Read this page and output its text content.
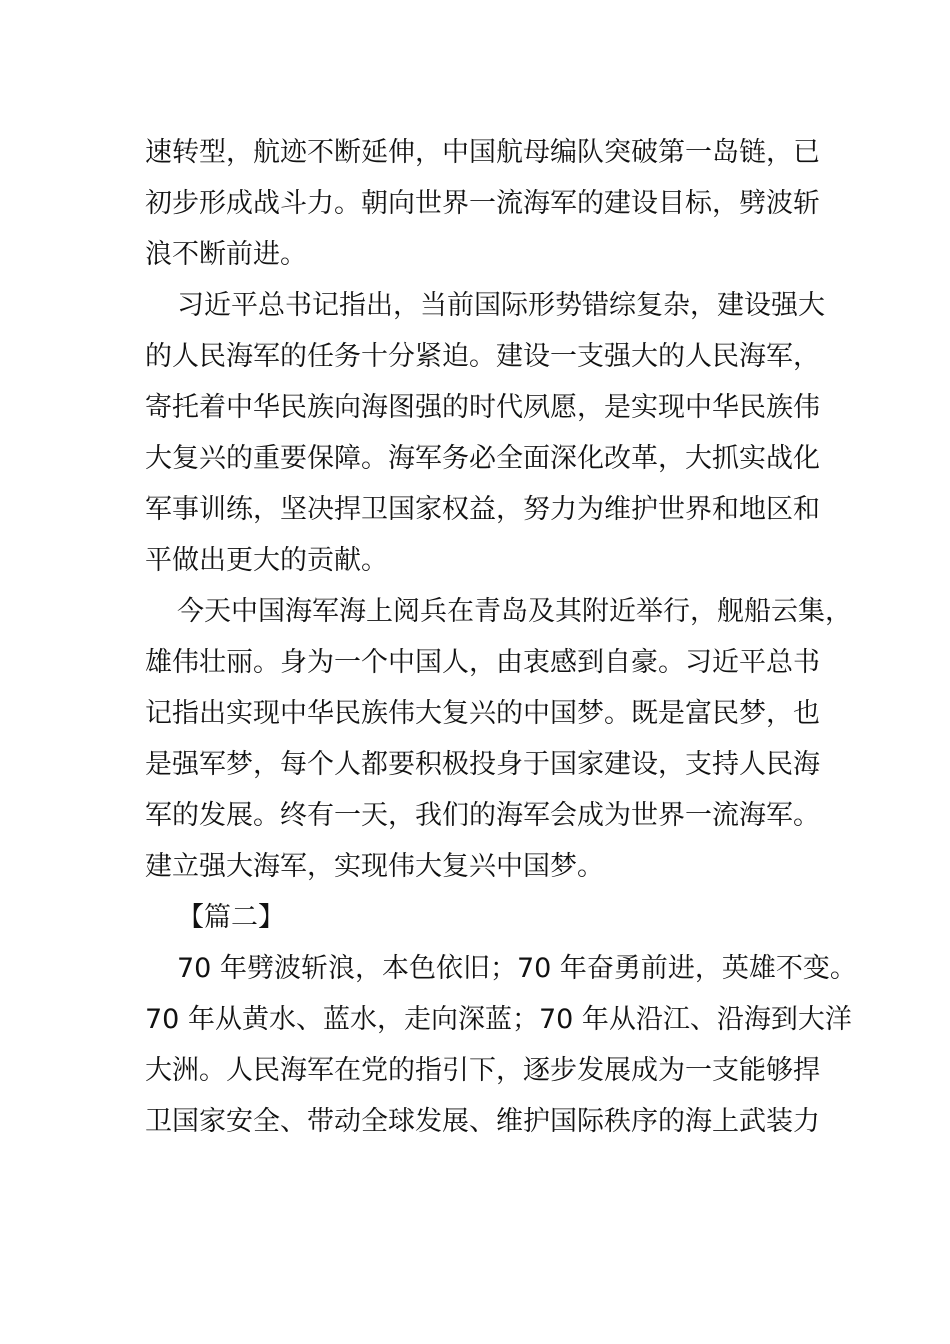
速转型，航迹不断延伸，中国航母编队突破第一岛链，已
初步形成战斗力。朝向世界一流海军的建设目标，劈波斩
浪不断前进。
习近平总书记指出，当前国际形势错综复杂，建设强大
的人民海军的任务十分紧迫。建设一支强大的人民海军，
寄托着中华民族向海图强的时代夙愿，是实现中华民族伟
大复兴的重要保障。海军务必全面深化改革，大抓实战化
军事训练，坚决捍卫国家权益，努力为维护世界和地区和
平做出更大的贡献。
今天中国海军海上阅兵在青岛及其附近举行，舰船云集，
雄伟壮丽。身为一个中国人，由衷感到自豪。习近平总书
记指出实现中华民族伟大复兴的中国梦。既是富民梦，也
是强军梦，每个人都要积极投身于国家建设，支持人民海
军的发展。终有一天，我们的海军会成为世界一流海军。
建立强大海军，实现伟大复兴中国梦。
【篇二】
70 年劈波斩浪，本色依旧；70 年奋勇前进，英雄不变。
70 年从黄水、蓝水，走向深蓝；70 年从沿江、沿海到大洋
大洲。人民海军在党的指引下，逐步发展成为一支能够捍
卫国家安全、带动全球发展、维护国际秩序的海上武装力
